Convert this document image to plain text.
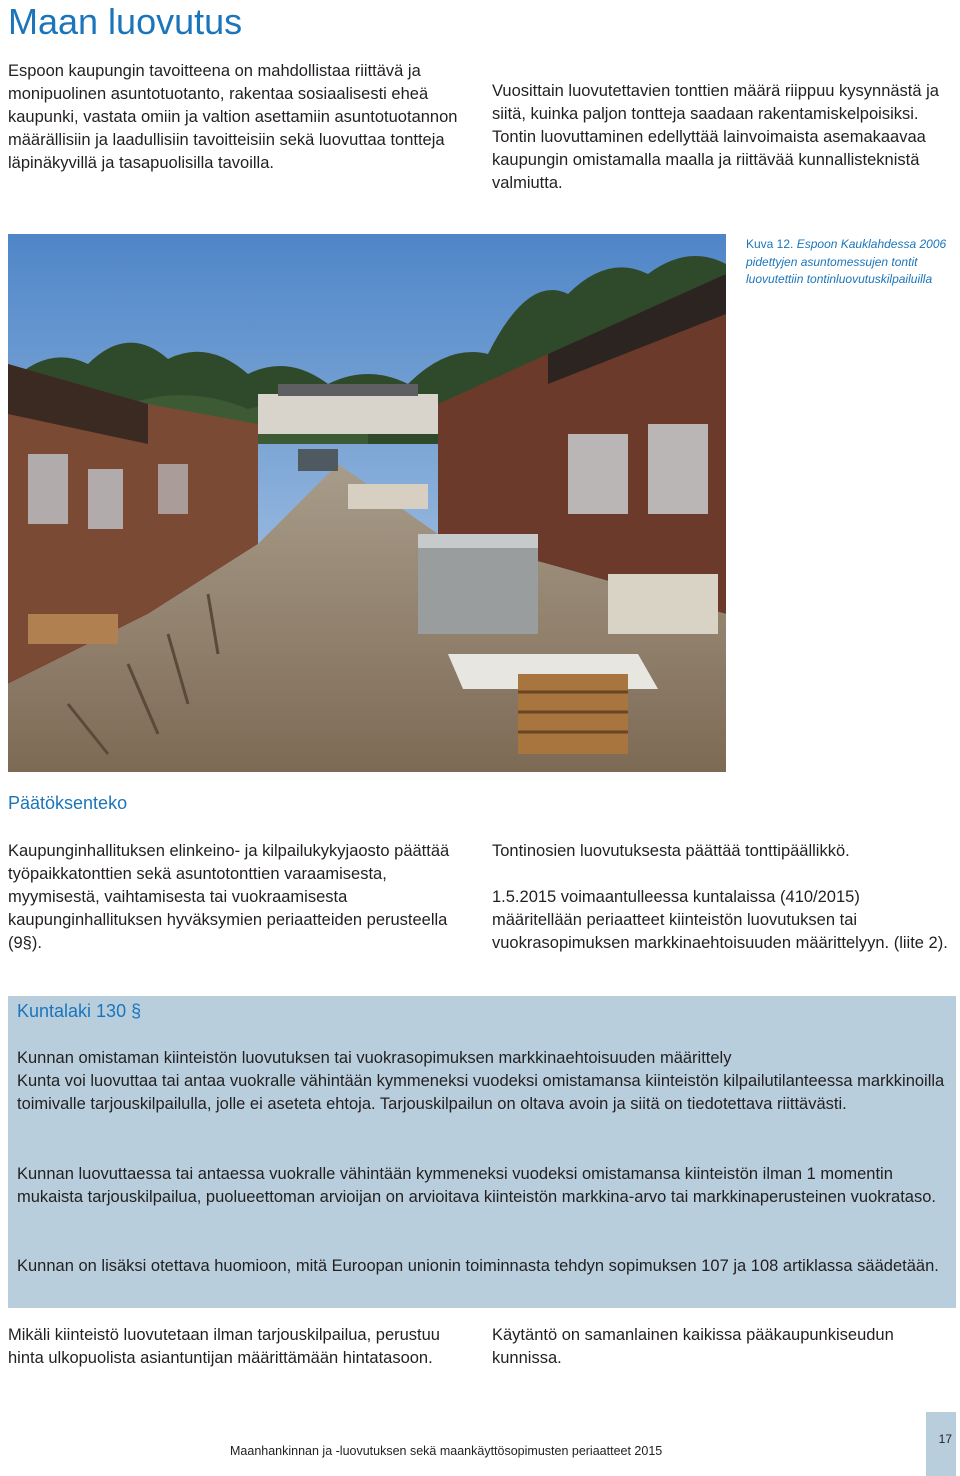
Maan luovutus
Espoon kaupungin tavoitteena on mahdollistaa riittävä ja monipuolinen asuntotuotanto, rakentaa sosiaalisesti eheä kaupunki, vastata omiin ja valtion asettamiin asuntotuotannon määrällisiin ja laadullisiin tavoitteisiin sekä luovuttaa tontteja läpinäkyvillä ja tasapuolisilla tavoilla.
Vuosittain luovutettavien tonttien määrä riippuu kysynnästä ja siitä, kuinka paljon tontteja saadaan rakentamiskelpoisiksi. Tontin luovuttaminen edellyttää lainvoimaista asemakaavaa kaupungin omistamalla maalla ja riittävää kunnallisteknistä valmiutta.
Kuva 12. Espoon Kauklahdessa 2006 pidettyjen asuntomessujen tontit luovutettiin tontinluovutuskilpailuilla
Päätöksenteko
Kaupunginhallituksen elinkeino- ja kilpailukykyjaosto päättää työpaikkatonttien sekä asuntotonttien varaamisesta, myymisestä, vaihtamisesta tai vuokraamisesta kaupunginhallituksen hyväksymien periaatteiden perusteella (9§).
Tontinosien luovutuksesta päättää tonttipäällikkö.
1.5.2015 voimaantulleessa kuntalaissa (410/2015) määritellään periaatteet kiinteistön luovutuksen tai vuokrasopimuksen markkinaehtoisuuden määrittelyyn. (liite 2).
Kuntalaki 130 §
Kunnan omistaman kiinteistön luovutuksen tai vuokrasopimuksen markkinaehtoisuuden määrittely
Kunta voi luovuttaa tai antaa vuokralle vähintään kymmeneksi vuodeksi omistamansa kiinteistön kilpailutilanteessa markkinoilla toimivalle tarjouskilpailulla, jolle ei aseteta ehtoja. Tarjouskilpailun on oltava avoin ja siitä on tiedotettava riittävästi.
Kunnan luovuttaessa tai antaessa vuokralle vähintään kymmeneksi vuodeksi omistamansa kiinteistön ilman 1 momentin mukaista tarjouskilpailua, puolueettoman arvioijan on arvioitava kiinteistön markkina-arvo tai markkinaperusteinen vuokrataso.
Kunnan on lisäksi otettava huomioon, mitä Euroopan unionin toiminnasta tehdyn sopimuksen 107 ja 108 artiklassa säädetään.
Mikäli kiinteistö luovutetaan ilman tarjouskilpailua, perustuu hinta ulkopuolista asiantuntijan määrittämään hintatasoon.
Käytäntö on samanlainen kaikissa pääkaupunkiseudun kunnissa.
Maanhankinnan ja -luovutuksen sekä maankäyttösopimusten periaatteet 2015
17
